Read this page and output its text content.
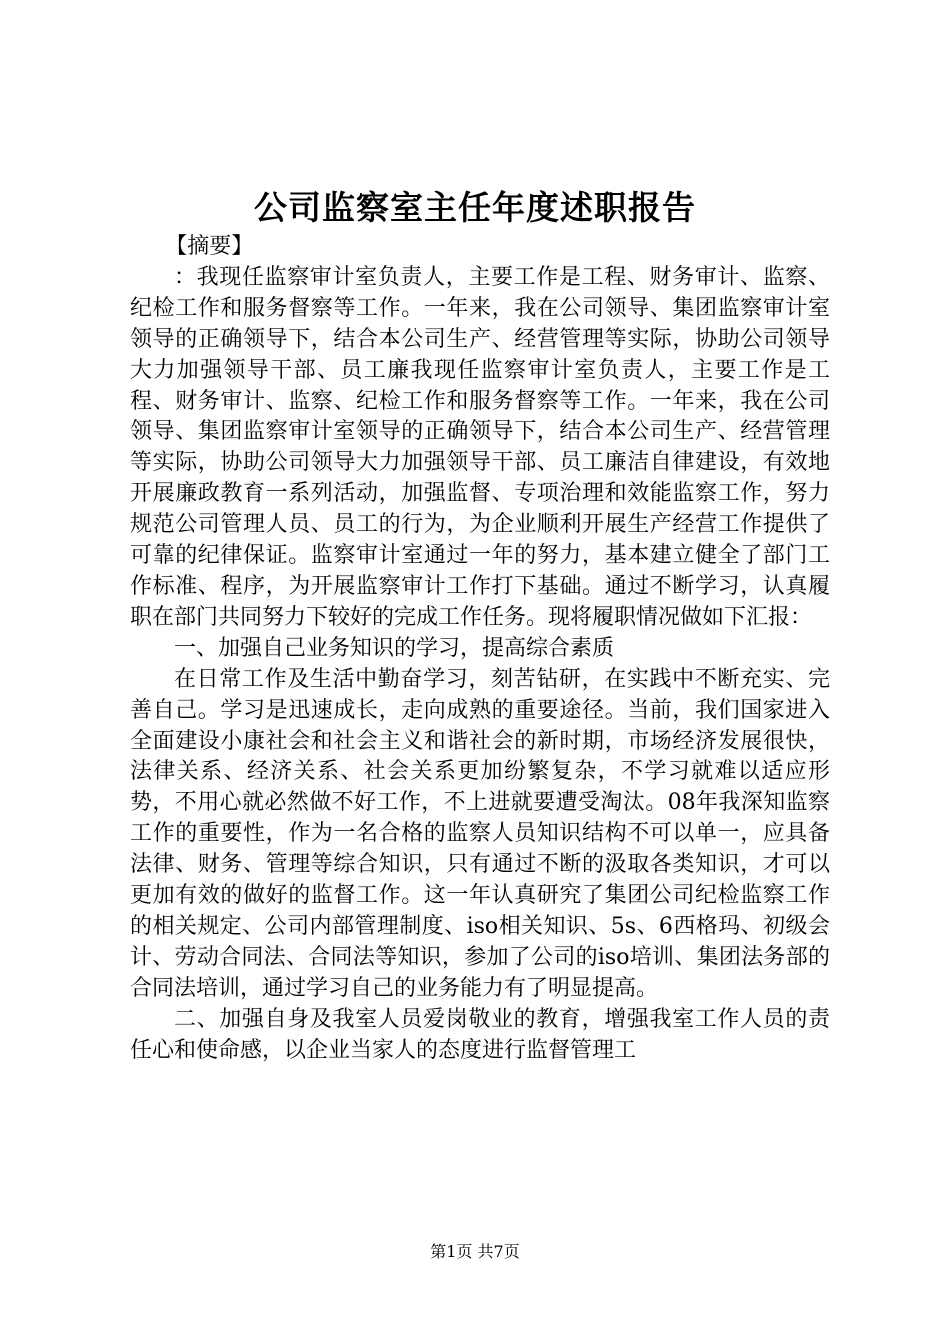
公司监察室主任年度述职报告

【摘要】

：我现任监察审计室负责人，主要工作是工程、财务审计、监察、纪检工作和服务督察等工作。一年来，我在公司领导、集团监察审计室领导的正确领导下，结合本公司生产、经营管理等实际，协助公司领导大力加强领导干部、员工廉我现任监察审计室负责人，主要工作是工程、财务审计、监察、纪检工作和服务督察等工作。一年来，我在公司领导、集团监察审计室领导的正确领导下，结合本公司生产、经营管理等实际，协助公司领导大力加强领导干部、员工廉洁自律建设，有效地开展廉政教育一系列活动，加强监督、专项治理和效能监察工作，努力规范公司管理人员、员工的行为，为企业顺利开展生产经营工作提供了可靠的纪律保证。监察审计室通过一年的努力，基本建立健全了部门工作标准、程序，为开展监察审计工作打下基础。通过不断学习，认真履职在部门共同努力下较好的完成工作任务。现将履职情况做如下汇报：

一、加强自己业务知识的学习，提高综合素质

在日常工作及生活中勤奋学习，刻苦钻研，在实践中不断充实、完善自己。学习是迅速成长，走向成熟的重要途径。当前，我们国家进入全面建设小康社会和社会主义和谐社会的新时期，市场经济发展很快，法律关系、经济关系、社会关系更加纷繁复杂，不学习就难以适应形势，不用心就必然做不好工作，不上进就要遭受淘汰。08年我深知监察工作的重要性，作为一名合格的监察人员知识结构不可以单一，应具备法律、财务、管理等综合知识，只有通过不断的汲取各类知识，才可以更加有效的做好的监督工作。这一年认真研究了集团公司纪检监察工作的相关规定、公司内部管理制度、iso相关知识、5s、6西格玛、初级会计、劳动合同法、合同法等知识，参加了公司的iso培训、集团法务部的合同法培训，通过学习自己的业务能力有了明显提高。

二、加强自身及我室人员爱岗敬业的教育，增强我室工作人员的责任心和使命感，以企业当家人的态度进行监督管理工

第1页 共7页
